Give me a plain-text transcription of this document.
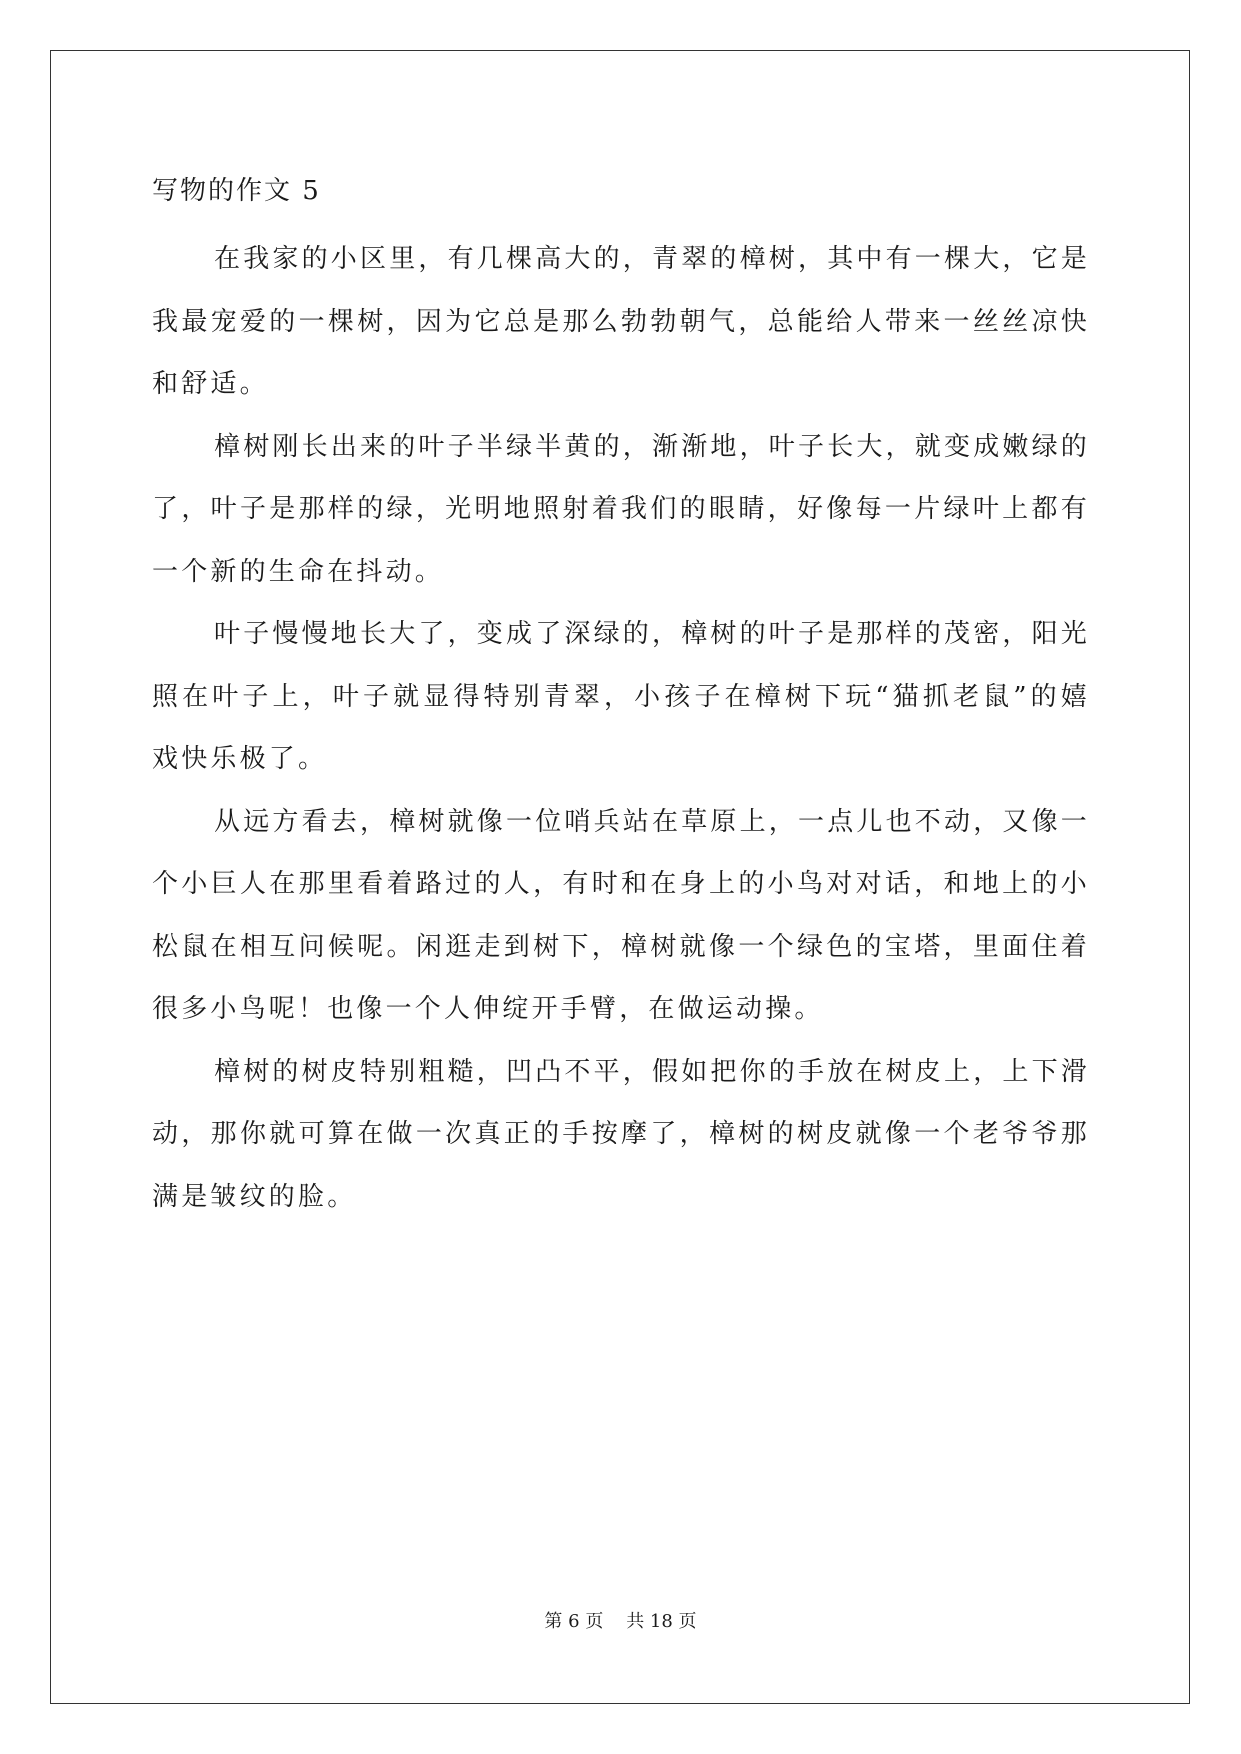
写物的作文 5

在我家的小区里，有几棵高大的，青翠的樟树，其中有一棵大，它是我最宠爱的一棵树，因为它总是那么勃勃朝气，总能给人带来一丝丝凉快和舒适。

樟树刚长出来的叶子半绿半黄的，渐渐地，叶子长大，就变成嫩绿的了，叶子是那样的绿，光明地照射着我们的眼睛，好像每一片绿叶上都有一个新的生命在抖动。

叶子慢慢地长大了，变成了深绿的，樟树的叶子是那样的茂密，阳光照在叶子上，叶子就显得特别青翠，小孩子在樟树下玩“猫抓老鼠”的嬉戏快乐极了。

从远方看去，樟树就像一位哨兵站在草原上，一点儿也不动，又像一个小巨人在那里看着路过的人，有时和在身上的小鸟对对话，和地上的小松鼠在相互问候呢。闲逛走到树下，樟树就像一个绿色的宝塔，里面住着很多小鸟呢！也像一个人伸绽开手臂，在做运动操。

樟树的树皮特别粗糙，凹凸不平，假如把你的手放在树皮上，上下滑动，那你就可算在做一次真正的手按摩了，樟树的树皮就像一个老爷爷那满是皱纹的脸。

第 6 页    共 18 页
